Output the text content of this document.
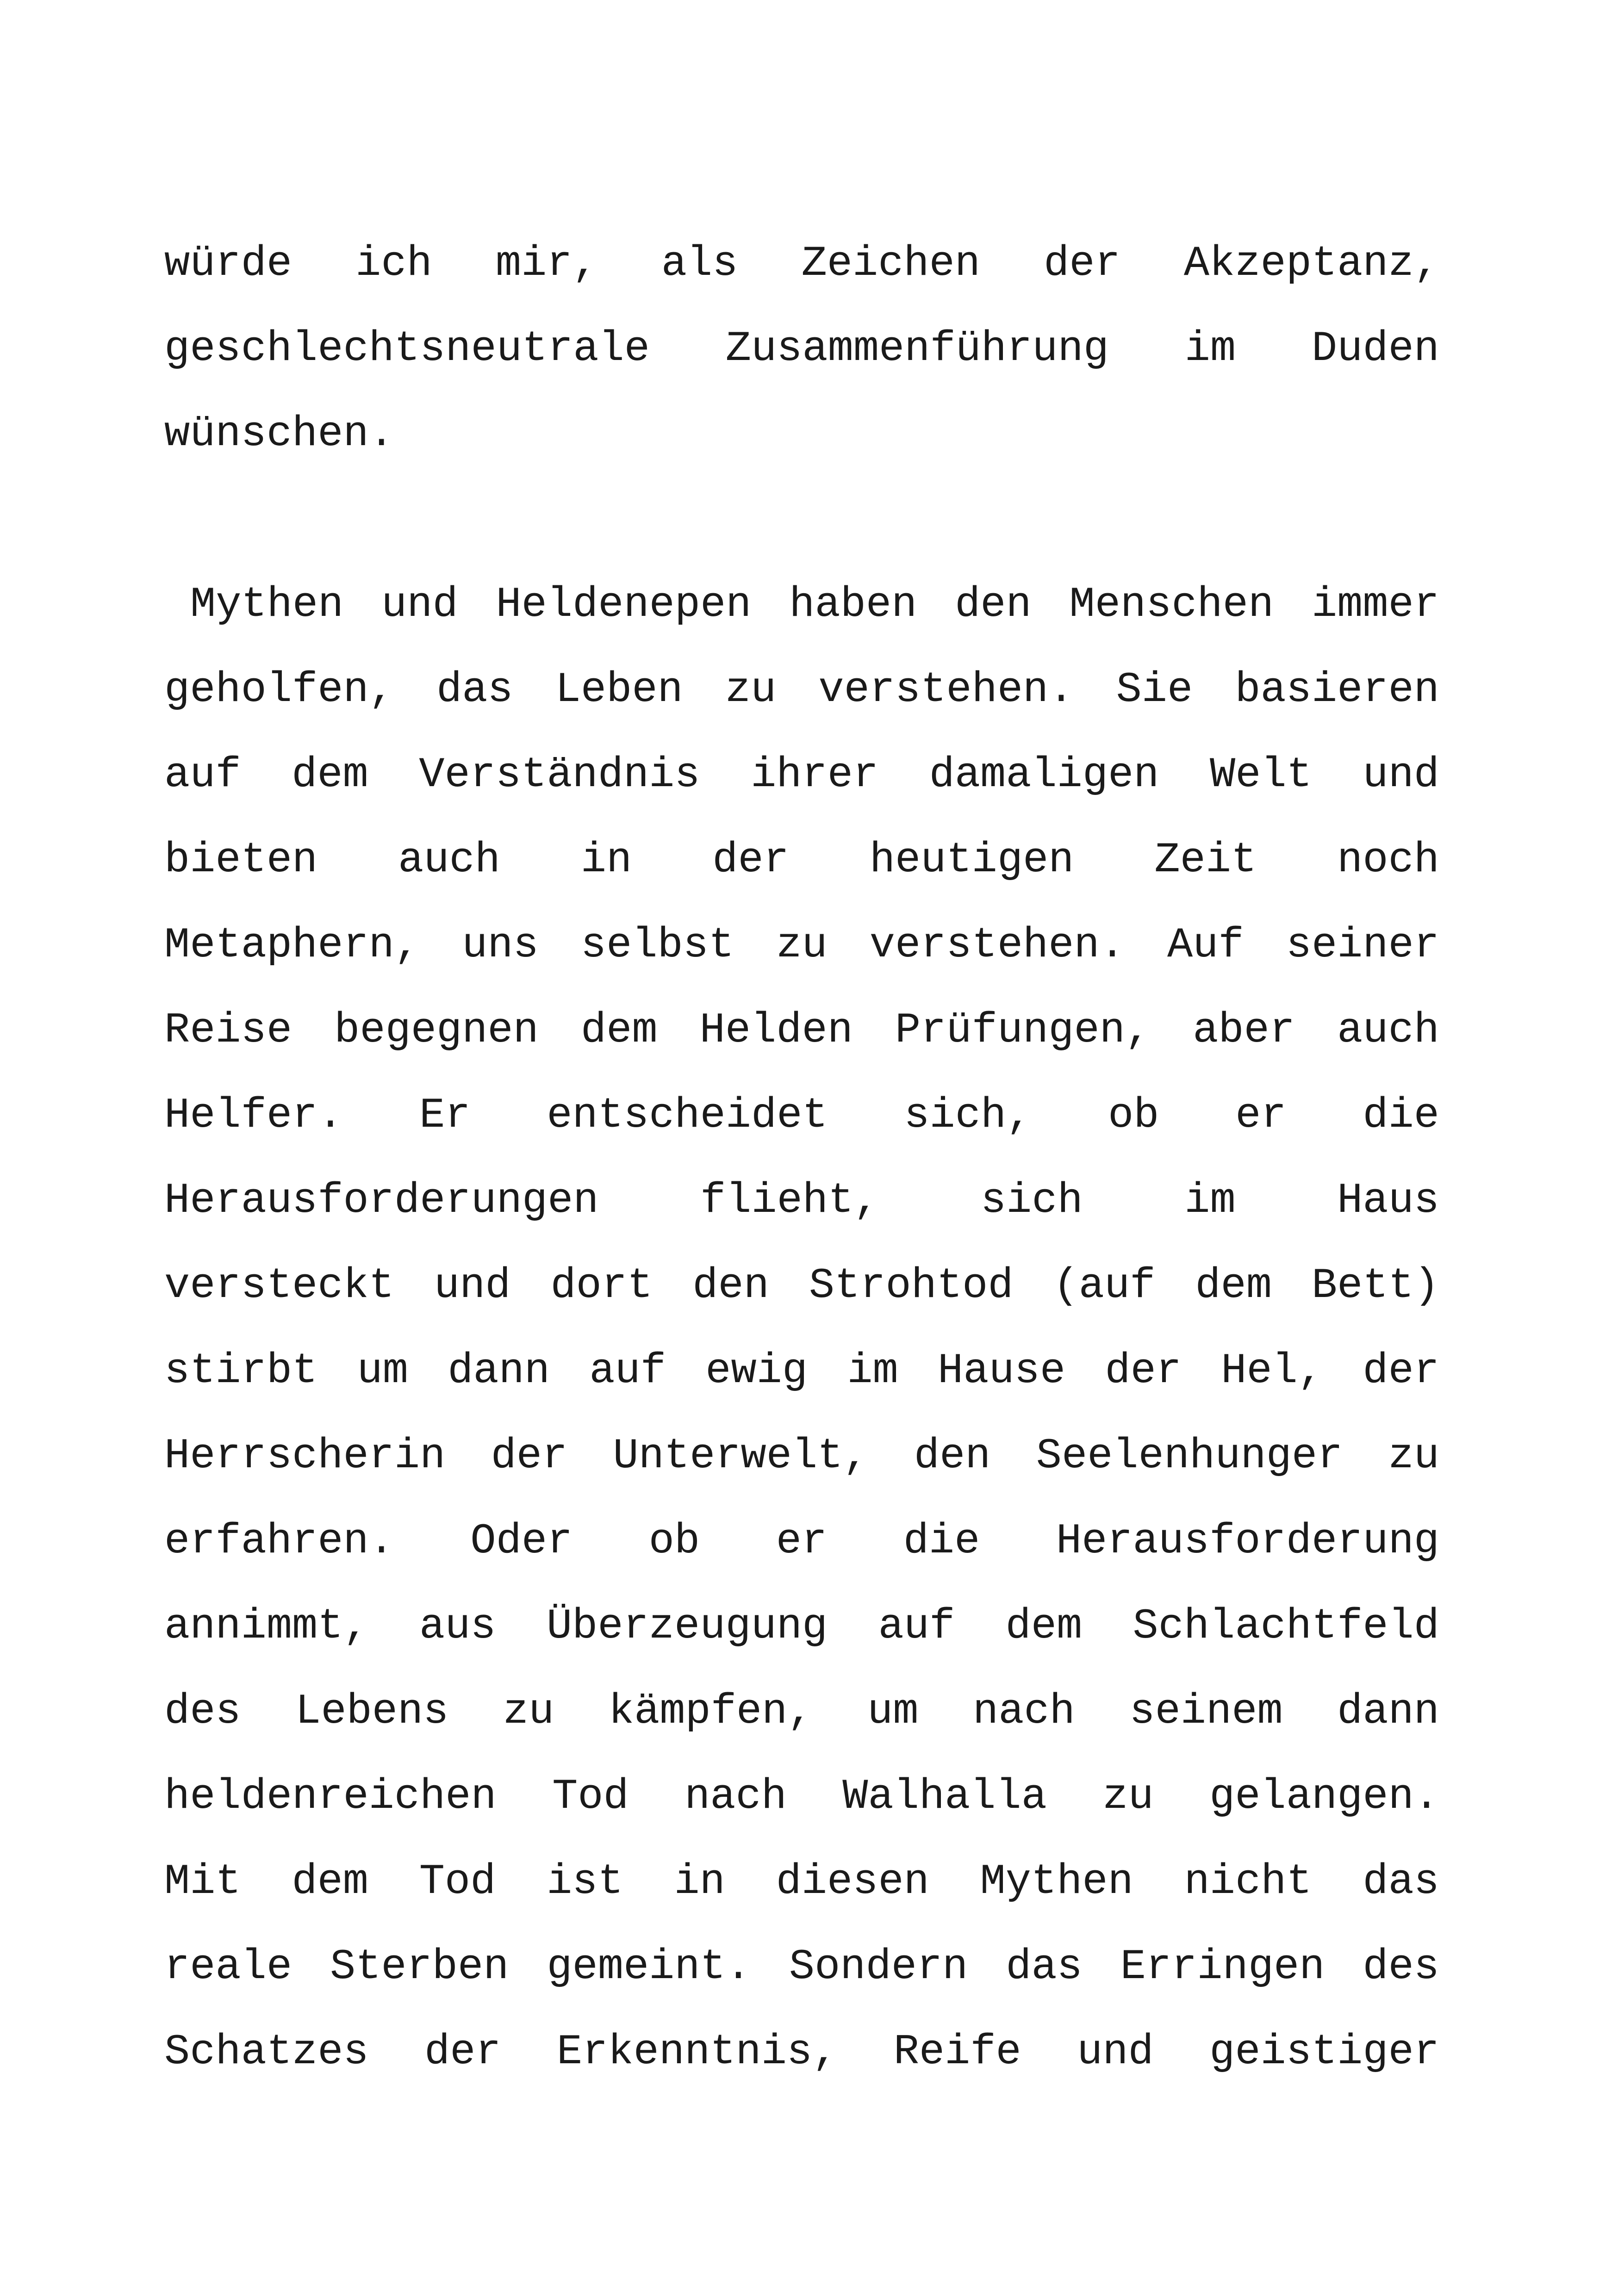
würde ich mir, als Zeichen der Akzeptanz,
geschlechtsneutrale Zusammenführung im Duden
wünschen.
Mythen und Heldenepen haben den Menschen immer
geholfen, das Leben zu verstehen. Sie basieren
auf dem Verständnis ihrer damaligen Welt und
bieten auch in der heutigen Zeit noch
Metaphern, uns selbst zu verstehen. Auf seiner
Reise begegnen dem Helden Prüfungen, aber auch
Helfer. Er entscheidet sich, ob er die
Herausforderungen flieht, sich im Haus
versteckt und dort den Strohtod (auf dem Bett)
stirbt um dann auf ewig im Hause der Hel, der
Herrscherin der Unterwelt, den Seelenhunger zu
erfahren. Oder ob er die Herausforderung
annimmt, aus Überzeugung auf dem Schlachtfeld
des Lebens zu kämpfen, um nach seinem dann
heldenreichen Tod nach Walhalla zu gelangen.
Mit dem Tod ist in diesen Mythen nicht das
reale Sterben gemeint. Sondern das Erringen des
Schatzes der Erkenntnis, Reife und geistiger
